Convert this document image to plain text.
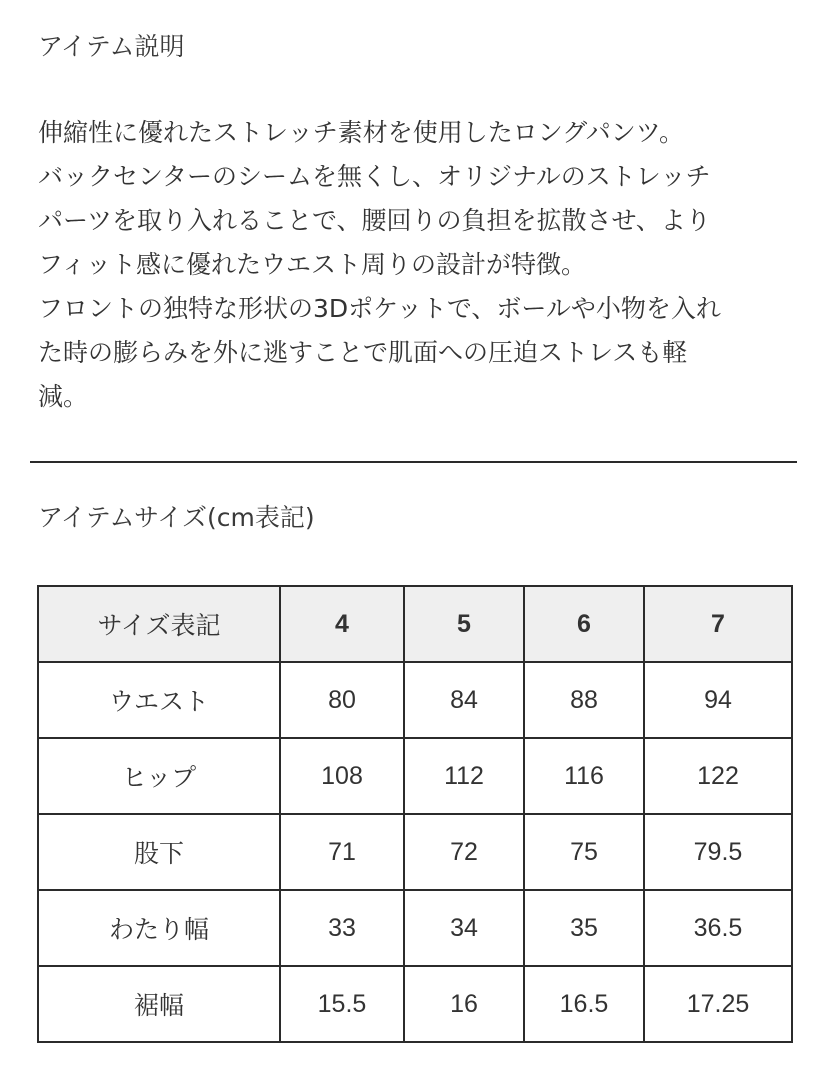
アイテム説明
伸縮性に優れたストレッチ素材を使用したロングパンツ。
バックセンターのシームを無くし、オリジナルのストレッチ
パーツを取り入れることで、腰回りの負担を拡散させ、より
フィット感に優れたウエスト周りの設計が特徴。
フロントの独特な形状の3Dポケットで、ボールや小物を入れ
た時の膨らみを外に逃すことで肌面への圧迫ストレスも軽
減。
アイテムサイズ(cm表記)
サイズ表記	4	5	6	7
ウエスト	80	84	88	94
ヒップ	108	112	116	122
股下	71	72	75	79.5
わたり幅	33	34	35	36.5
裾幅	15.5	16	16.5	17.25
